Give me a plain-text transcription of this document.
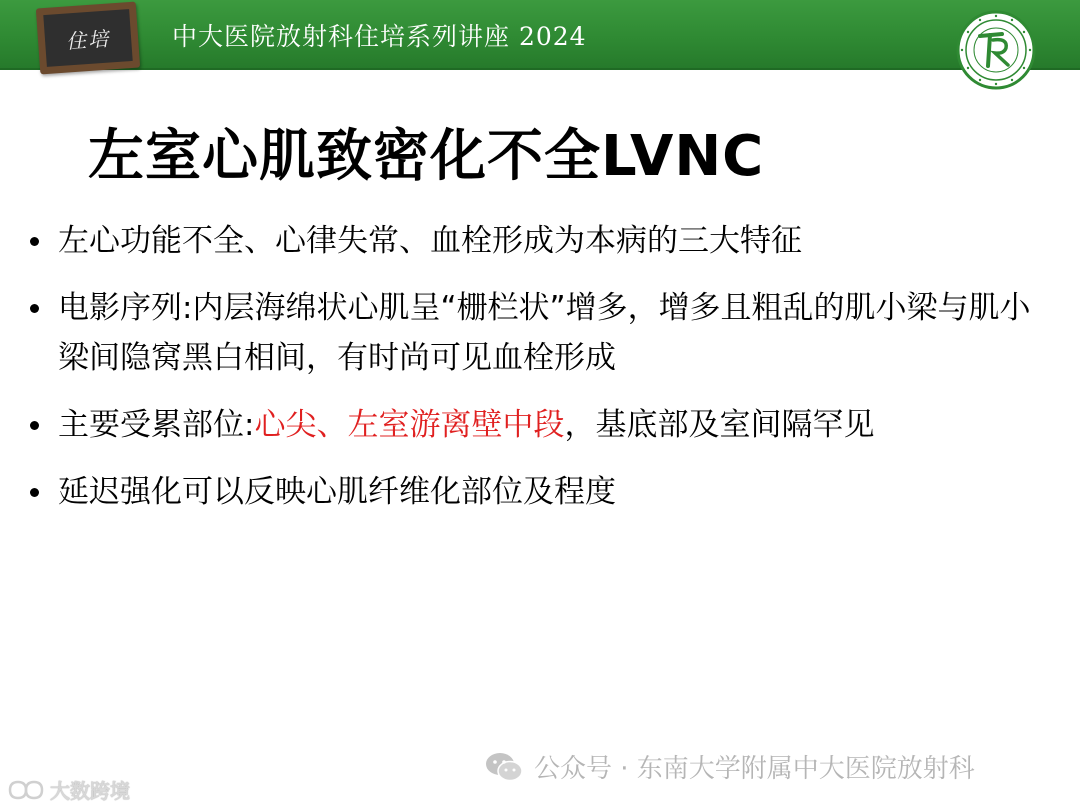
住培 中大医院放射科住培系列讲座 2024
左室心肌致密化不全LVNC
左心功能不全、心律失常、血栓形成为本病的三大特征
电影序列:内层海绵状心肌呈“栅栏状”增多，增多且粗乱的肌小梁与肌小梁间隐窝黑白相间，有时尚可见血栓形成
主要受累部位:心尖、左室游离壁中段，基底部及室间隔罕见
延迟强化可以反映心肌纤维化部位及程度
公众号 · 东南大学附属中大医院放射科
大数跨境
